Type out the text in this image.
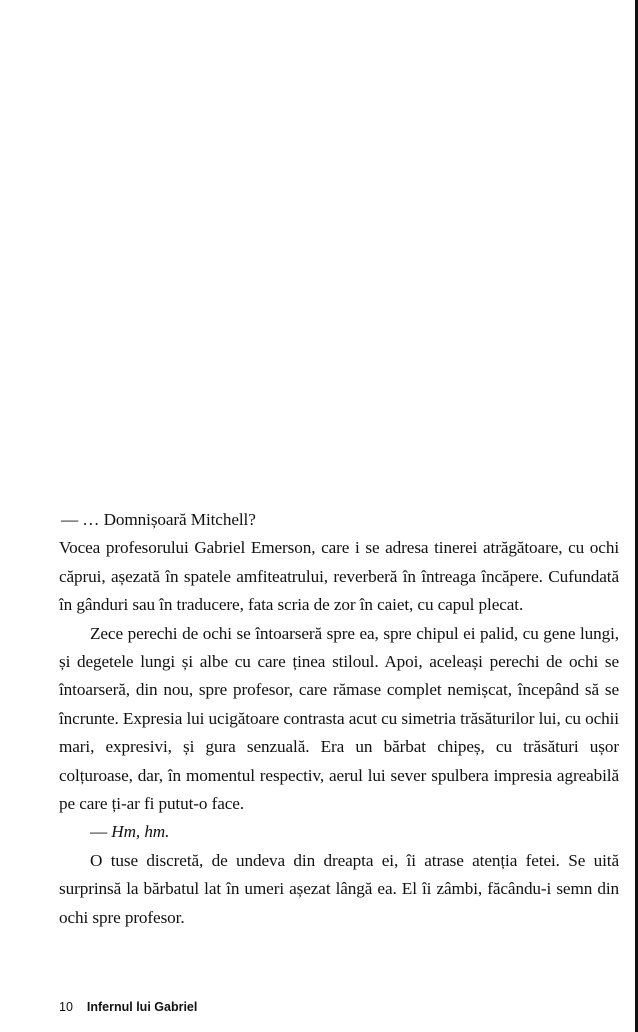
— … Domnișoară Mitchell?

Vocea profesorului Gabriel Emerson, care i se adresa tinerei atrăgătoare, cu ochi căprui, așezată în spatele amfiteatrului, reverberă în întreaga încăpere. Cufundată în gânduri sau în traducere, fata scria de zor în caiet, cu capul plecat.

Zece perechi de ochi se întoarseră spre ea, spre chipul ei palid, cu gene lungi, și degetele lungi și albe cu care ținea stiloul. Apoi, aceleași perechi de ochi se întoarseră, din nou, spre profesor, care rămase complet nemișcat, începând să se încrunte. Expresia lui ucigătoare contrasta acut cu simetria trăsăturilor lui, cu ochii mari, expresivi, și gura senzuală. Era un bărbat chipeș, cu trăsături ușor colțuroase, dar, în momentul respectiv, aerul lui sever spulbera impresia agreabilă pe care ți-ar fi putut-o face.

— Hm, hm.

O tuse discretă, de undeva din dreapta ei, îi atrase atenția fetei. Se uită surprinsă la bărbatul lat în umeri așezat lângă ea. El îi zâmbi, făcându-i semn din ochi spre profesor.

10 Infernul lui Gabriel
